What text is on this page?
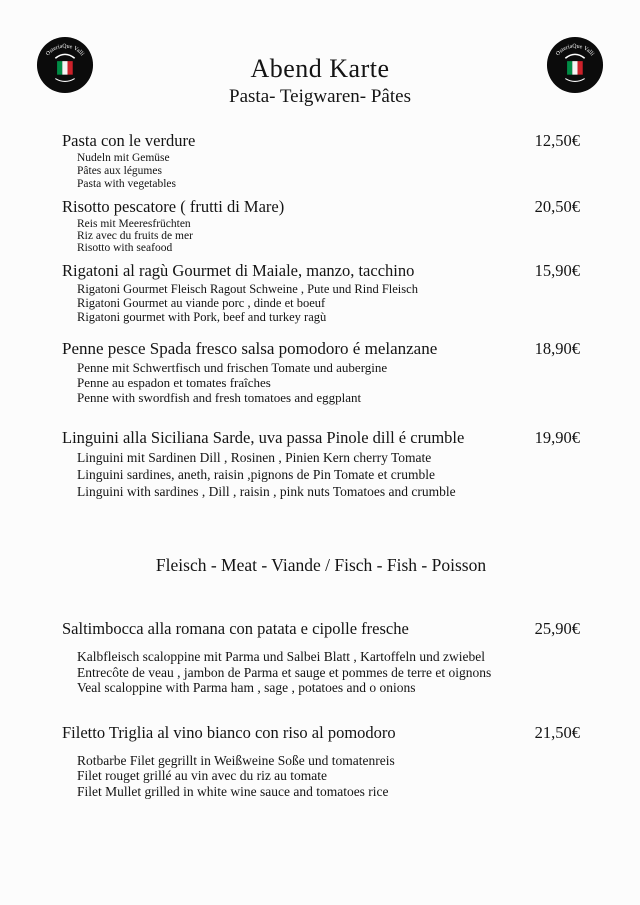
OsteriaQue Valli	OsteriaQue Valli
Abend Karte
Pasta- Teigwaren- Pâtes
Pasta con le verdure	12,50€
Nudeln mit Gemüse
Pâtes aux légumes
Pasta with vegetables
Risotto pescatore ( frutti di Mare)	20,50€
Reis mit Meeresfrüchten
Riz avec du fruits de mer
Risotto with seafood
Rigatoni al ragù Gourmet di Maiale, manzo, tacchino	15,90€
Rigatoni Gourmet Fleisch Ragout Schweine , Pute und Rind Fleisch
Rigatoni Gourmet au viande porc , dinde et boeuf
Rigatoni gourmet with Pork, beef and turkey ragù
Penne pesce Spada fresco salsa pomodoro é melanzane	18,90€
Penne mit Schwertfisch und frischen Tomate und aubergine
Penne au espadon et tomates fraîches
Penne with swordfish and fresh tomatoes and eggplant
Linguini alla Siciliana Sarde, uva passa Pinole dill é crumble	19,90€
Linguini mit Sardinen Dill , Rosinen , Pinien Kern cherry Tomate
Linguini sardines, aneth, raisin ,pignons de Pin Tomate et crumble
Linguini with sardines , Dill , raisin , pink nuts Tomatoes and crumble
Fleisch - Meat - Viande / Fisch - Fish - Poisson
Saltimbocca alla romana con patata e cipolle fresche	25,90€
Kalbfleisch scaloppine mit Parma und Salbei Blatt , Kartoffeln und zwiebel
Entrecôte de veau , jambon de Parma et sauge et pommes de terre et oignons
Veal scaloppine with Parma ham , sage , potatoes and o onions
Filetto Triglia al vino bianco con riso al pomodoro	21,50€
Rotbarbe Filet gegrillt in Weißweine Soße und tomatenreis
Filet rouget grillé au vin avec du riz au tomate
Filet Mullet grilled in white wine sauce and tomatoes rice
